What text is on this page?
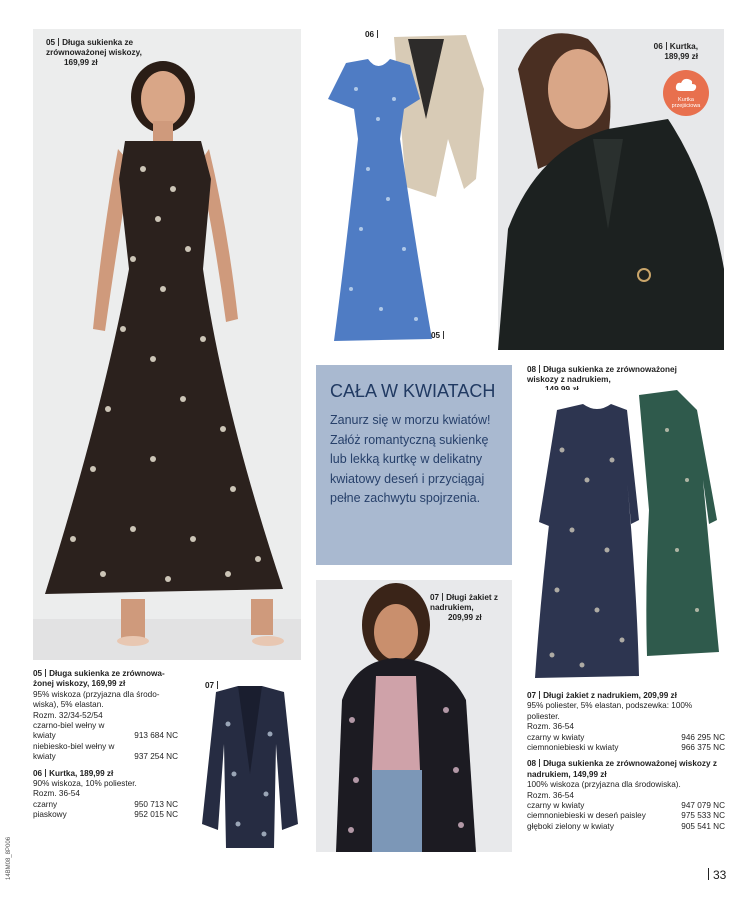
05 Długa sukienka ze zrównoważonej wiskozy,
169,99 zł
06
05
06 Kurtka,
189,99 zł
Kurtka
przejściowa
CAŁA W KWIATACH
Zanurz się w morzu kwiatów! Załóż romantyczną sukienkę lub lekką kurtkę w delikatny kwiatowy deseń i przyciągaj pełne zachwytu spojrzenia.
08 Długa sukienka ze zrównoważonej wiskozy z nadrukiem,

07 Długi żakiet z nadrukiem,
209,99 zł
07
05 Długa sukienka ze zrównowa-żonej wiskozy, 169,99 zł
95% wiskoza (przyjazna dla środo-wiska), 5% elastan.
Rozm. 32/34-52/54
czarno-biel wełny w kwiaty	913 684 NC
niebiesko-biel wełny w kwiaty	937 254 NC
06 Kurtka, 189,99 zł
90% wiskoza, 10% poliester.
Rozm. 36-54
czarny	950 713 NC
piaskowy	952 015 NC
07 Długi żakiet z nadrukiem, 209,99 zł
95% poliester, 5% elastan, podszewka: 100% poliester.
Rozm. 36-54
czarny w kwiaty	946 295 NC
ciemnoniebieski w kwiaty	966 375 NC
08 Długa sukienka ze zrównoważonej wiskozy z nadrukiem, 149,99 zł
100% wiskoza (przyjazna dla środowiska).
Rozm. 36-54
czarny w kwiaty	947 079 NC
ciemnoniebieski w deseń paisley	975 533 NC
głęboki zielony w kwiaty	905 541 NC
14BM08_8P006	33
